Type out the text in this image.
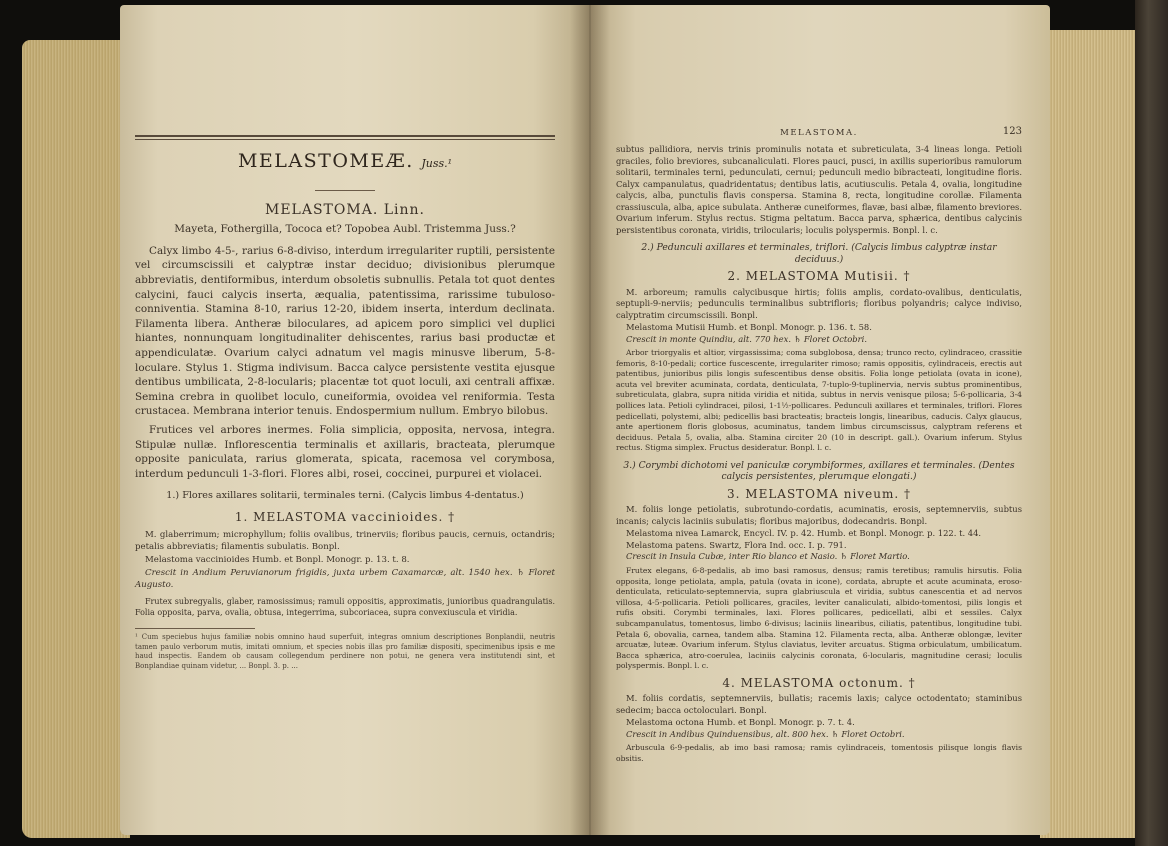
MELASTOMEÆ. Juss.¹
MELASTOMA. Linn.
Mayeta, Fothergilla, Tococa et? Topobea Aubl. Tristemma Juss.?

Calyx limbo 4-5-, rarius 6-8-diviso, interdum irregulariter ruptili, persistente vel circumscissili et calyptræ instar deciduo; divisionibus plerumque abbreviatis, dentiformibus, interdum obsoletis subnullis. Petala tot quot dentes calycini, fauci calycis inserta, æqualia, patentissima, rarissime tubuloso-conniventia. Stamina 8-10, rarius 12-20, ibidem inserta, interdum declinata. Filamenta libera. Antheræ biloculares, ad apicem poro simplici vel duplici hiantes, nonnunquam longitudinaliter dehiscentes, rarius basi productæ et appendiculatæ. Ovarium calyci adnatum vel magis minusve liberum, 5-8-loculare. Stylus 1. Stigma indivisum. Bacca calyce persistente vestita ejusque dentibus umbilicata, 2-8-locularis; placentæ tot quot loculi, axi centrali affixæ. Semina crebra in quolibet loculo, cuneiformia, ovoidea vel reniformia. Testa crustacea. Membrana interior tenuis. Endospermium nullum. Embryo bilobus.

Frutices vel arbores inermes. Folia simplicia, opposita, nervosa, integra. Stipulæ nullæ. Inflorescentia terminalis et axillaris, bracteata, plerumque opposite paniculata, rarius glomerata, spicata, racemosa vel corymbosa, interdum pedunculi 1-3-flori. Flores albi, rosei, coccinei, purpurei et violacei.

1.) Flores axillares solitarii, terminales terni. (Calycis limbus 4-dentatus.)
1. MELASTOMA vaccinioides. †

M. glaberrimum; microphyllum; foliis ovalibus, trinerviis; floribus paucis, cernuis, octandris; petalis abbreviatis; filamentis subulatis. Bonpl.

Melastoma vaccinioides Humb. et Bonpl. Monogr. p. 13. t. 8.

Crescit in Andium Peruvianorum frigidis, juxta urbem Caxamarcæ, alt. 1540 hex. ♄ Floret Augusto.

Frutex subregyalis, glaber, ramosissimus; ramuli oppositis, approximatis, junioribus quadrangulatis. Folia opposita, parva, ovalia, obtusa, integerrima, subcoriacea, supra convexiuscula et viridia.

¹ Cum speciebus hujus familiæ nobis omnino haud superfuit, integras omnium descriptiones Bonplandii, neutris tamen paulo verborum mutis, imitati omnium, et species nobis illas pro familiæ dispositi, specimenibus ipsis e me haud inspectis. Eandem ob causam collegendum perdinere non potui, ne genera vera institutendi sint, et Bonplandiae quinam videtur, ... Bonpl. 3. p. ...

MELASTOMA.	123

subtus pallidiora, nervis trinis prominulis notata et subreticulata, 3-4 lineas longa. Petioli graciles, folio breviores, subcanaliculati. Flores pauci, pusci, in axillis superioribus ramulorum solitarii, terminales terni, pedunculati, cernui; pedunculi medio bibracteati, longitudine floris. Calyx campanulatus, quadridentatus; dentibus latis, acutiusculis. Petala 4, ovalia, longitudine calycis, alba, punctulis flavis conspersa. Stamina 8, recta, longitudine corollæ. Filamenta crassiuscula, alba, apice subulata. Antheræ cuneiformes, flavæ, basi albæ, filamento breviores. Ovarium inferum. Stylus rectus. Stigma peltatum. Bacca parva, sphærica, dentibus calycinis persistentibus coronata, viridis, trilocularis; loculis polyspermis. Bonpl. l. c.

2.) Pedunculi axillares et terminales, triflori. (Calycis limbus calyptræ instar deciduus.)
2. MELASTOMA Mutisii. †

M. arboreum; ramulis calycibusque hirtis; foliis amplis, cordato-ovalibus, denticulatis, septupli-9-nerviis; pedunculis terminalibus subtrifloris; floribus polyandris; calyce indiviso, calyptratim circumscissili. Bonpl.

Melastoma Mutisii Humb. et Bonpl. Monogr. p. 136. t. 58.

Crescit in monte Quindiu, alt. 770 hex. ♄ Floret Octobri.

Arbor triorgyalis et altior, virgassissima; coma subglobosa, densa; trunco recto, cylindraceo, crassitie femoris, 8-10-pedali; cortice fuscescente, irregulariter rimoso; ramis oppositis, cylindraceis, erectis aut patentibus, junioribus pilis longis sufescentibus dense obsitis. Folia longe petiolata (ovata in icone), acuta vel breviter acuminata, cordata, denticulata, 7-tuplo-9-tuplinervia, nervis subtus prominentibus, subreticulata, glabra, supra nitida viridia et nitida, subtus in nervis venisque pilosa; 5-6-pollicaria, 3-4 pollices lata. Petioli cylindracei, pilosi, 1-1½-pollicares. Pedunculi axillares et terminales, triflori. Flores pedicellati, polystemi, albi; pedicellis basi bracteatis; bracteis longis, linearibus, caducis. Calyx glaucus, ante apertionem floris globosus, acuminatus, tandem limbus circumscissus, calyptram referens et deciduus. Petala 5, ovalia, alba. Stamina circiter 20 (10 in descript. gall.). Ovarium inferum. Stylus rectus. Stigma simplex. Fructus desideratur. Bonpl. l. c.

3.) Corymbi dichotomi vel paniculæ corymbiformes, axillares et terminales. (Dentes calycis persistentes, plerumque elongati.)
3. MELASTOMA niveum. †

M. foliis longe petiolatis, subrotundo-cordatis, acuminatis, erosis, septemnerviis, subtus incanis; calycis laciniis subulatis; floribus majoribus, dodecandris. Bonpl.

Melastoma nivea Lamarck, Encycl. IV. p. 42. Humb. et Bonpl. Monogr. p. 122. t. 44.

Melastoma patens. Swartz, Flora Ind. occ. I. p. 791.

Crescit in Insula Cubæ, inter Rio blanco et Nasio. ♄ Floret Martio.

Frutex elegans, 6-8-pedalis, ab imo basi ramosus, densus; ramis teretibus; ramulis hirsutis. Folia opposita, longe petiolata, ampla, patula (ovata in icone), cordata, abrupte et acute acuminata, eroso-denticulata, reticulato-septemnervia, supra glabriuscula et viridia, subtus canescentia et ad nervos villosa, 4-5-pollicaria. Petioli pollicares, graciles, leviter canaliculati, albido-tomentosi, pilis longis et rufis obsiti. Corymbi terminales, laxi. Flores pollicares, pedicellati, albi et sessiles. Calyx subcampanulatus, tomentosus, limbo 6-divisus; laciniis linearibus, ciliatis, patentibus, longitudine tubi. Petala 6, obovalia, carnea, tandem alba. Stamina 12. Filamenta recta, alba. Antheræ oblongæ, leviter arcuatæ, luteæ. Ovarium inferum. Stylus claviatus, leviter arcuatus. Stigma orbiculatum, umbilicatum. Bacca sphærica, atro-coerulea, laciniis calycinis coronata, 6-locularis, magnitudine cerasi; loculis polyspermis. Bonpl. l. c.

4. MELASTOMA octonum. †

M. foliis cordatis, septemnerviis, bullatis; racemis laxis; calyce octodentato; staminibus sedecim; bacca octoloculari. Bonpl.

Melastoma octona Humb. et Bonpl. Monogr. p. 7. t. 4.

Crescit in Andibus Quinduensibus, alt. 800 hex. ♄ Floret Octobri.

Arbuscula 6-9-pedalis, ab imo basi ramosa; ramis cylindraceis, tomentosis pilisque longis flavis obsitis.
